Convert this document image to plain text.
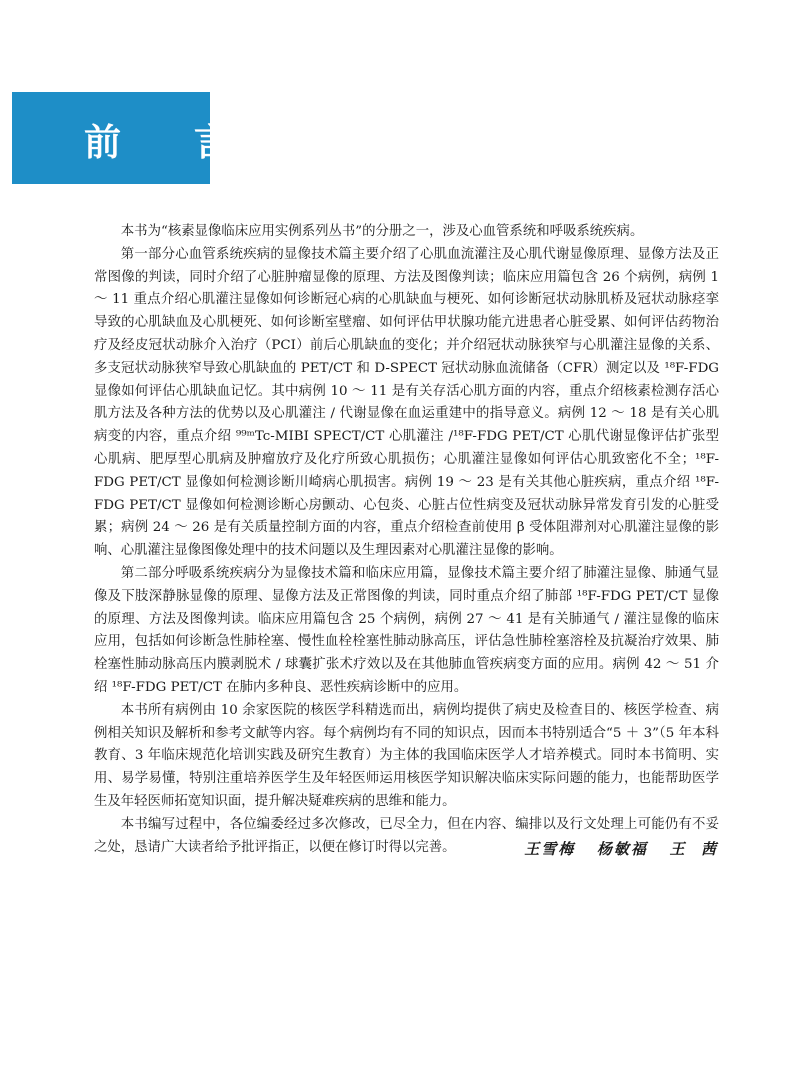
前 言

本书为“核素显像临床应用实例系列丛书”的分册之一，涉及心血管系统和呼吸系统疾病。

第一部分心血管系统疾病的显像技术篇主要介绍了心肌血流灌注及心肌代谢显像原理、显像方法及正常图像的判读，同时介绍了心脏肿瘤显像的原理、方法及图像判读；临床应用篇包含 26 个病例，病例 1 ～ 11 重点介绍心肌灌注显像如何诊断冠心病的心肌缺血与梗死、如何诊断冠状动脉肌桥及冠状动脉痉挛导致的心肌缺血及心肌梗死、如何诊断室壁瘤、如何评估甲状腺功能亢进患者心脏受累、如何评估药物治疗及经皮冠状动脉介入治疗（PCI）前后心肌缺血的变化；并介绍冠状动脉狭窄与心肌灌注显像的关系、多支冠状动脉狭窄导致心肌缺血的 PET/CT 和 D-SPECT 冠状动脉血流储备（CFR）测定以及 ¹⁸F-FDG 显像如何评估心肌缺血记忆。其中病例 10 ～ 11 是有关存活心肌方面的内容，重点介绍核素检测存活心肌方法及各种方法的优势以及心肌灌注 / 代谢显像在血运重建中的指导意义。病例 12 ～ 18 是有关心肌病变的内容，重点介绍 ⁹⁹ᵐTc-MIBI SPECT/CT 心肌灌注 /¹⁸F-FDG PET/CT 心肌代谢显像评估扩张型心肌病、肥厚型心肌病及肿瘤放疗及化疗所致心肌损伤；心肌灌注显像如何评估心肌致密化不全；¹⁸F-FDG PET/CT 显像如何检测诊断川崎病心肌损害。病例 19 ～ 23 是有关其他心脏疾病，重点介绍 ¹⁸F-FDG PET/CT 显像如何检测诊断心房颤动、心包炎、心脏占位性病变及冠状动脉异常发育引发的心脏受累；病例 24 ～ 26 是有关质量控制方面的内容，重点介绍检查前使用 β 受体阻滞剂对心肌灌注显像的影响、心肌灌注显像图像处理中的技术问题以及生理因素对心肌灌注显像的影响。

第二部分呼吸系统疾病分为显像技术篇和临床应用篇，显像技术篇主要介绍了肺灌注显像、肺通气显像及下肢深静脉显像的原理、显像方法及正常图像的判读，同时重点介绍了肺部 ¹⁸F-FDG PET/CT 显像的原理、方法及图像判读。临床应用篇包含 25 个病例，病例 27 ～ 41 是有关肺通气 / 灌注显像的临床应用，包括如何诊断急性肺栓塞、慢性血栓栓塞性肺动脉高压，评估急性肺栓塞溶栓及抗凝治疗效果、肺栓塞性肺动脉高压内膜剥脱术 / 球囊扩张术疗效以及在其他肺血管疾病变方面的应用。病例 42 ～ 51 介绍 ¹⁸F-FDG PET/CT 在肺内多种良、恶性疾病诊断中的应用。

本书所有病例由 10 余家医院的核医学科精选而出，病例均提供了病史及检查目的、核医学检查、病例相关知识及解析和参考文献等内容。每个病例均有不同的知识点，因而本书特别适合“5 ＋ 3”（5 年本科教育、3 年临床规范化培训实践及研究生教育）为主体的我国临床医学人才培养模式。同时本书简明、实用、易学易懂，特别注重培养医学生及年轻医师运用核医学知识解决临床实际问题的能力，也能帮助医学生及年轻医师拓宽知识面，提升解决疑难疾病的思维和能力。

本书编写过程中，各位编委经过多次修改，已尽全力，但在内容、编排以及行文处理上可能仍有不妥之处，恳请广大读者给予批评指正，以便在修订时得以完善。	王雪梅   杨敏福   王  茜
